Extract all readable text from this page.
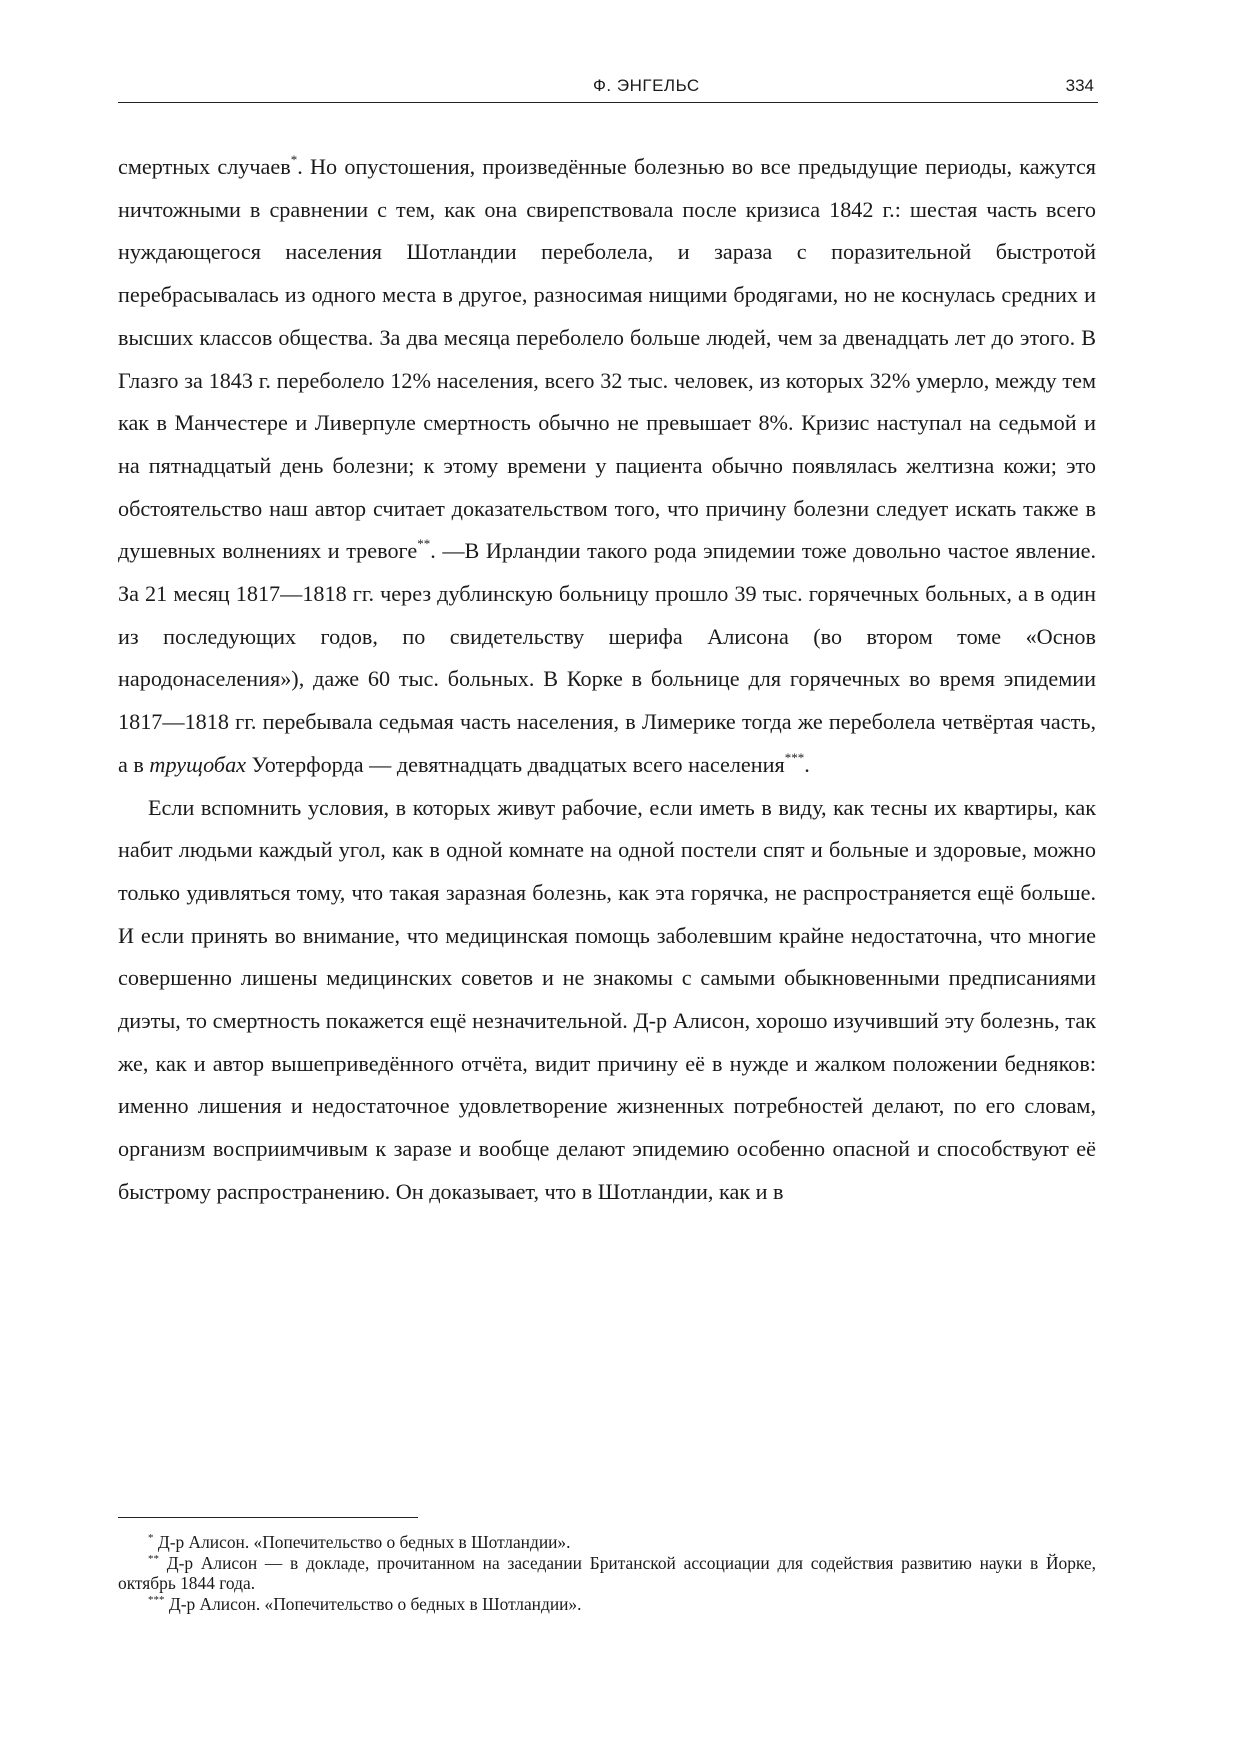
Ф. ЭНГЕЛЬС	334

смертных случаев*. Но опустошения, произведённые болезнью во все предыдущие периоды, кажутся ничтожными в сравнении с тем, как она свирепствовала после кризиса 1842 г.: шестая часть всего нуждающегося населения Шотландии переболела, и зараза с поразительной быстротой перебрасывалась из одного места в другое, разносимая нищими бродягами, но не коснулась средних и высших классов общества. За два месяца переболело больше людей, чем за двенадцать лет до этого. В Глазго за 1843 г. переболело 12% населения, всего 32 тыс. человек, из которых 32% умерло, между тем как в Манчестере и Ливерпуле смертность обычно не превышает 8%. Кризис наступал на седьмой и на пятнадцатый день болезни; к этому времени у пациента обычно появлялась желтизна кожи; это обстоятельство наш автор считает доказательством того, что причину болезни следует искать также в душевных волнениях и тревоге**. —В Ирландии такого рода эпидемии тоже довольно частое явление. За 21 месяц 1817—1818 гг. через дублинскую больницу прошло 39 тыс. горячечных больных, а в один из последующих годов, по свидетельству шерифа Алисона (во втором томе «Основ народонаселения»), даже 60 тыс. больных. В Корке в больнице для горячечных во время эпидемии 1817—1818 гг. перебывала седьмая часть населения, в Лимерике тогда же переболела четвёртая часть, а в трущобах Уотерфорда — девятнадцать двадцатых всего населения***.

Если вспомнить условия, в которых живут рабочие, если иметь в виду, как тесны их квартиры, как набит людьми каждый угол, как в одной комнате на одной постели спят и больные и здоровые, можно только удивляться тому, что такая заразная болезнь, как эта горячка, не распространяется ещё больше. И если принять во внимание, что медицинская помощь заболевшим крайне недостаточна, что многие совершенно лишены медицинских советов и не знакомы с самыми обыкновенными предписаниями диэты, то смертность покажется ещё незначительной. Д-р Алисон, хорошо изучивший эту болезнь, так же, как и автор вышеприведённого отчёта, видит причину её в нужде и жалком положении бедняков: именно лишения и недостаточное удовлетворение жизненных потребностей делают, по его словам, организм восприимчивым к заразе и вообще делают эпидемию особенно опасной и способствуют её быстрому распространению. Он доказывает, что в Шотландии, как и в

* Д-р Алисон. «Попечительство о бедных в Шотландии».

** Д-р Алисон — в докладе, прочитанном на заседании Британской ассоциации для содействия развитию науки в Йорке, октябрь 1844 года.

*** Д-р Алисон. «Попечительство о бедных в Шотландии».
